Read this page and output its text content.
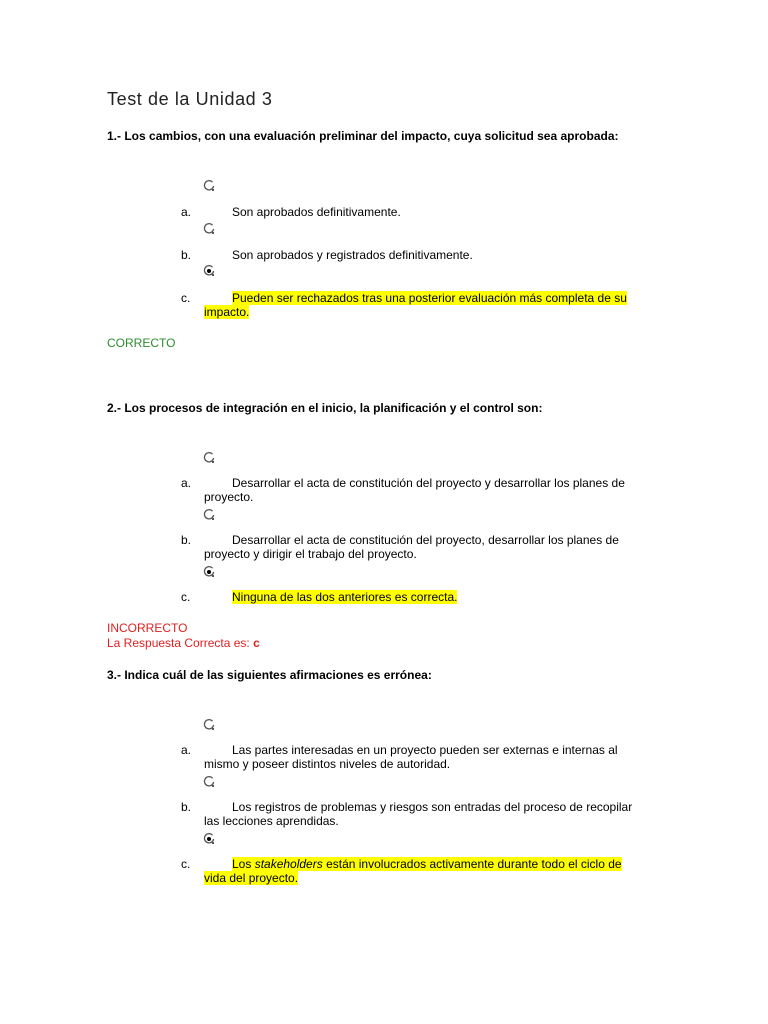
Test de la Unidad 3
1.- Los cambios, con una evaluación preliminar del impacto, cuya solicitud sea aprobada:
a.	Son aprobados definitivamente.
b.	Son aprobados y registrados definitivamente.
c.	Pueden ser rechazados tras una posterior evaluación más completa de su impacto.
CORRECTO
2.- Los procesos de integración en el inicio, la planificación y el control son:
a.	Desarrollar el acta de constitución del proyecto y desarrollar los planes de proyecto.
b.	Desarrollar el acta de constitución del proyecto, desarrollar los planes de proyecto y dirigir el trabajo del proyecto.
c.	Ninguna de las dos anteriores es correcta.
INCORRECTO
La Respuesta Correcta es: c
3.- Indica cuál de las siguientes afirmaciones es errónea:
a.	Las partes interesadas en un proyecto pueden ser externas e internas al mismo y poseer distintos niveles de autoridad.
b.	Los registros de problemas y riesgos son entradas del proceso de recopilar las lecciones aprendidas.
c.	Los stakeholders están involucrados activamente durante todo el ciclo de vida del proyecto.
